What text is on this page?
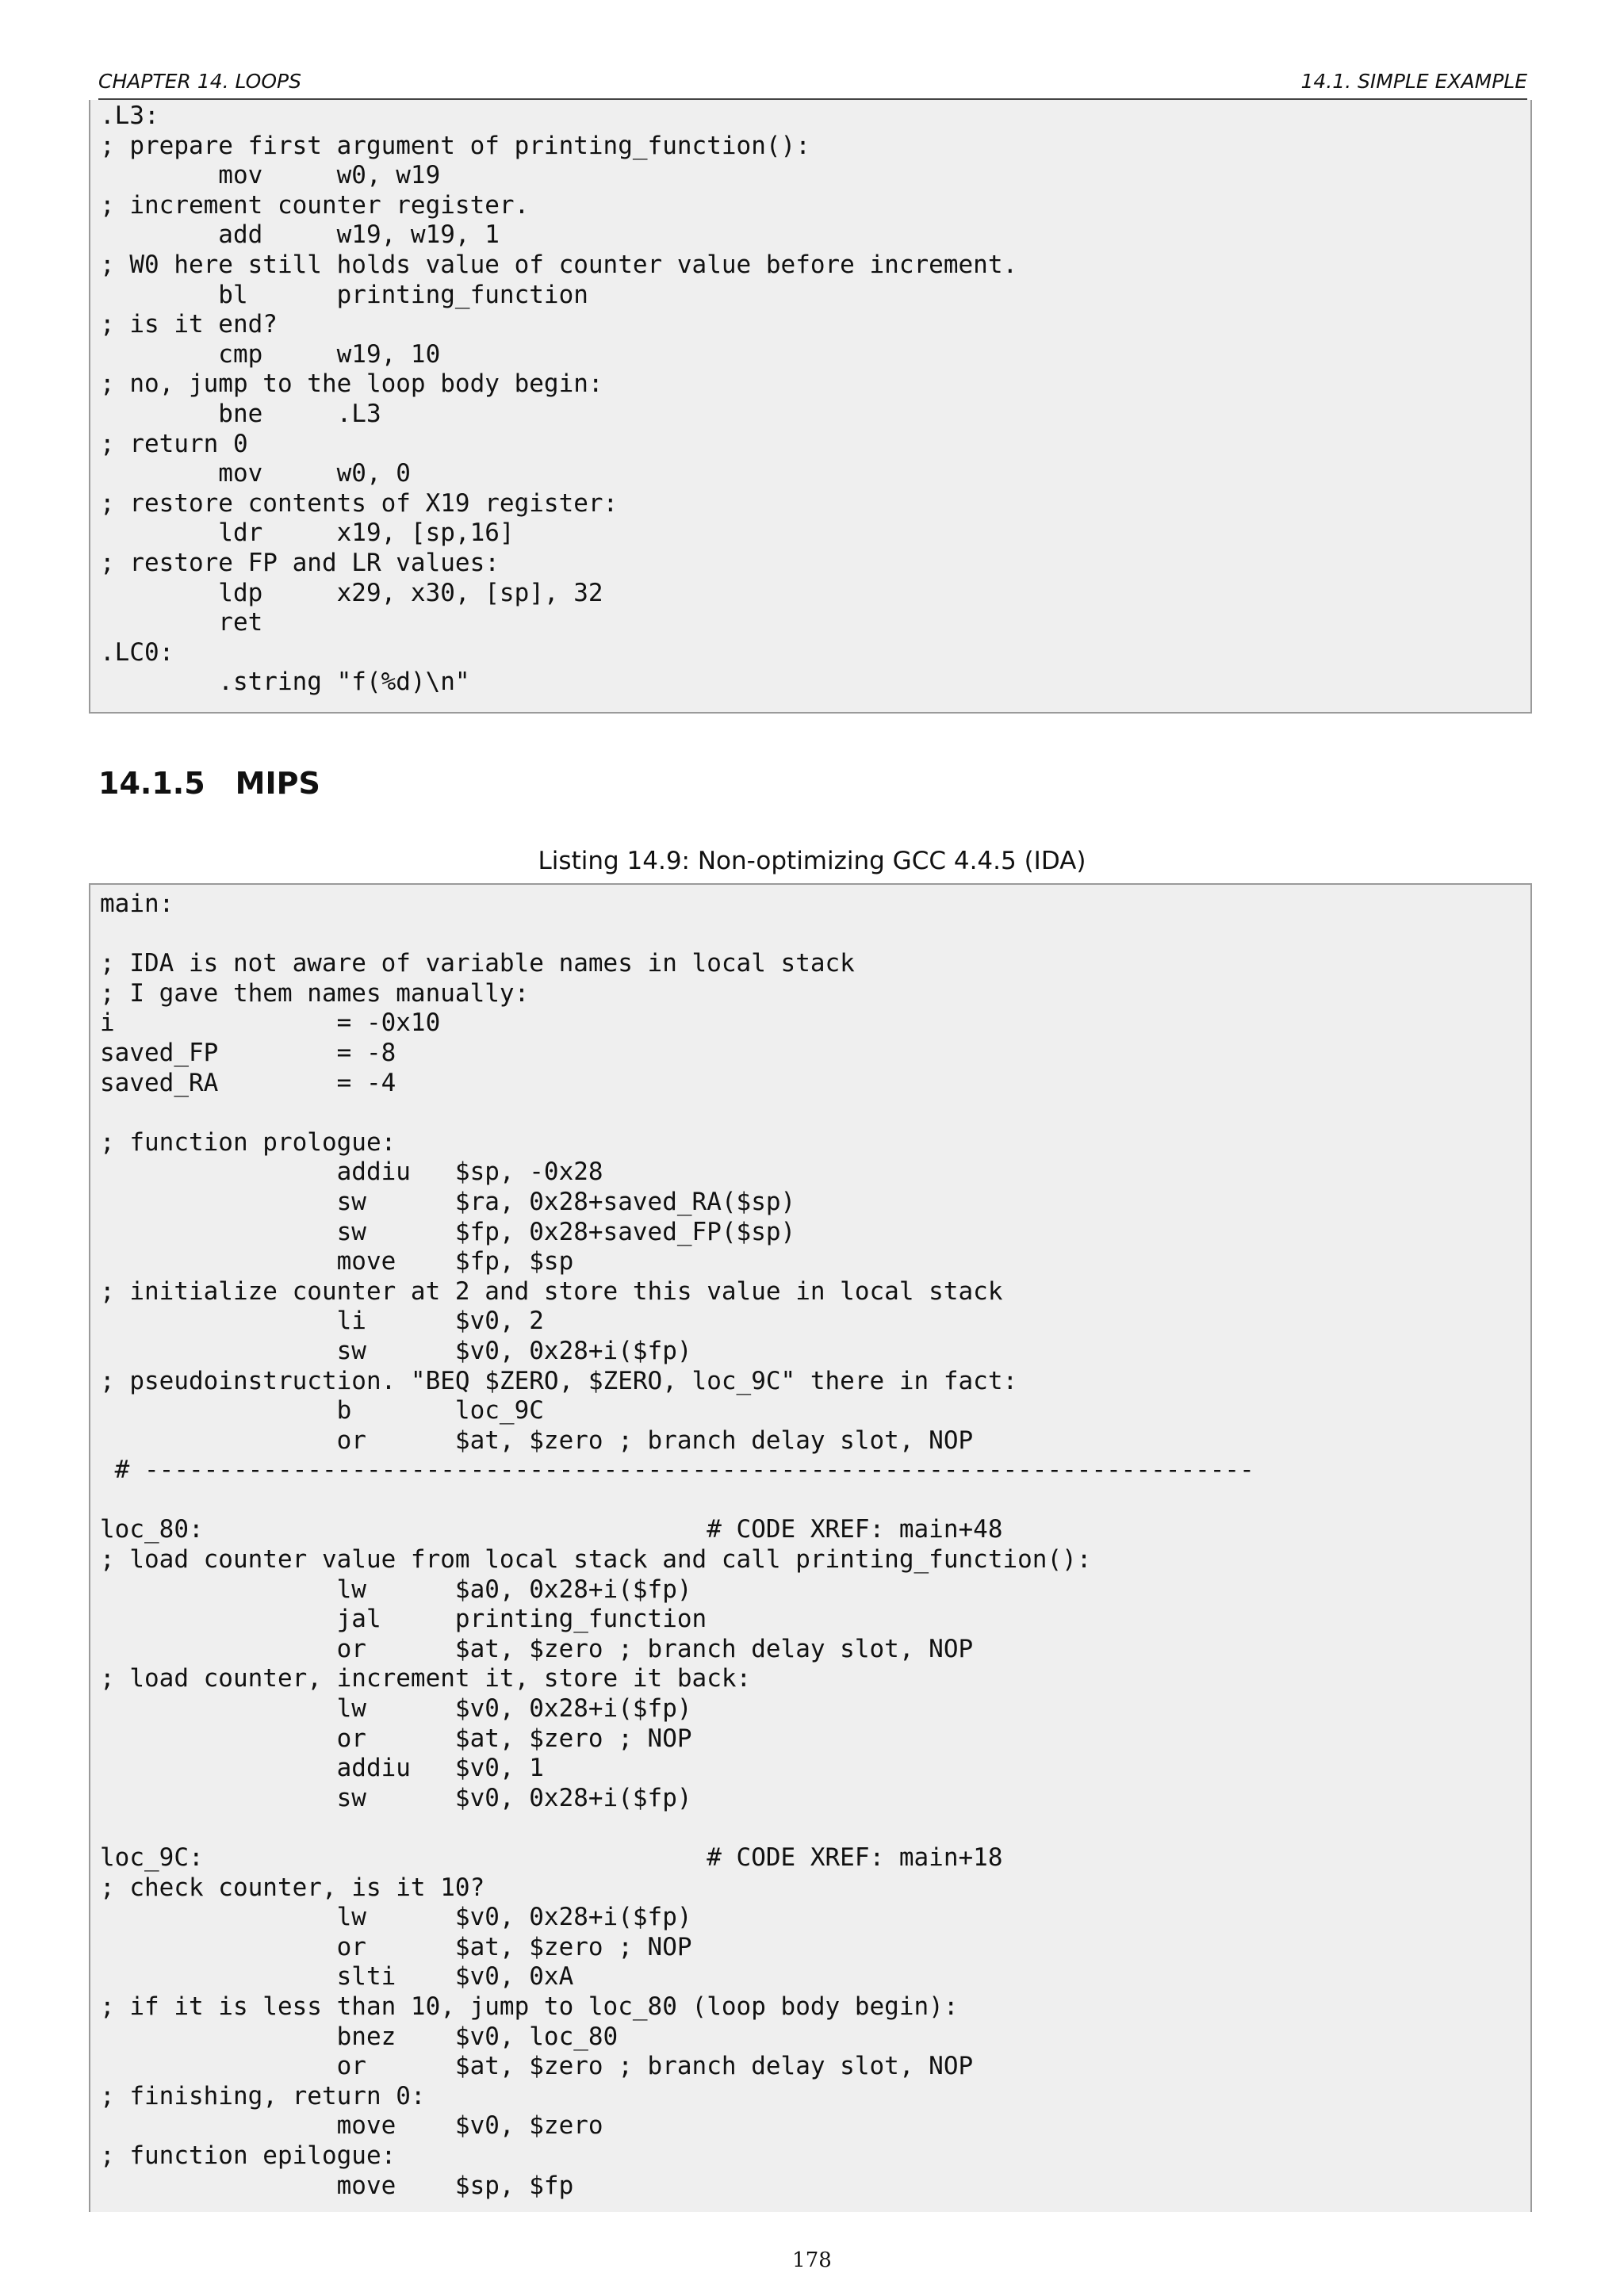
CHAPTER 14. LOOPS	14.1. SIMPLE EXAMPLE
.L3:
; prepare first argument of printing_function():
mov     w0, w19
; increment counter register.
add     w19, w19, 1
; W0 here still holds value of counter value before increment.
bl      printing_function
; is it end?
cmp     w19, 10
; no, jump to the loop body begin:
bne     .L3
; return 0
mov     w0, 0
; restore contents of X19 register:
ldr     x19, [sp,16]
; restore FP and LR values:
ldp     x29, x30, [sp], 32
ret
.LC0:
.string "f(%d)\n"
14.1.5 MIPS
Listing 14.9: Non-optimizing GCC 4.4.5 (IDA)
main:

; IDA is not aware of variable names in local stack
; I gave them names manually:
i               = -0x10
saved_FP        = -8
saved_RA        = -4

; function prologue:
addiu   $sp, -0x28
sw      $ra, 0x28+saved_RA($sp)
sw      $fp, 0x28+saved_FP($sp)
move    $fp, $sp
; initialize counter at 2 and store this value in local stack
li      $v0, 2
sw      $v0, 0x28+i($fp)
; pseudoinstruction. "BEQ $ZERO, $ZERO, loc_9C" there in fact:
b       loc_9C
or      $at, $zero ; branch delay slot, NOP
# ---------------------------------------------------------------------------

loc_80:                                  # CODE XREF: main+48
; load counter value from local stack and call printing_function():
lw      $a0, 0x28+i($fp)
jal     printing_function
or      $at, $zero ; branch delay slot, NOP
; load counter, increment it, store it back:
lw      $v0, 0x28+i($fp)
or      $at, $zero ; NOP
addiu   $v0, 1
sw      $v0, 0x28+i($fp)

loc_9C:                                  # CODE XREF: main+18
; check counter, is it 10?
lw      $v0, 0x28+i($fp)
or      $at, $zero ; NOP
slti    $v0, 0xA
; if it is less than 10, jump to loc_80 (loop body begin):
bnez    $v0, loc_80
or      $at, $zero ; branch delay slot, NOP
; finishing, return 0:
move    $v0, $zero
; function epilogue:
move    $sp, $fp
178
